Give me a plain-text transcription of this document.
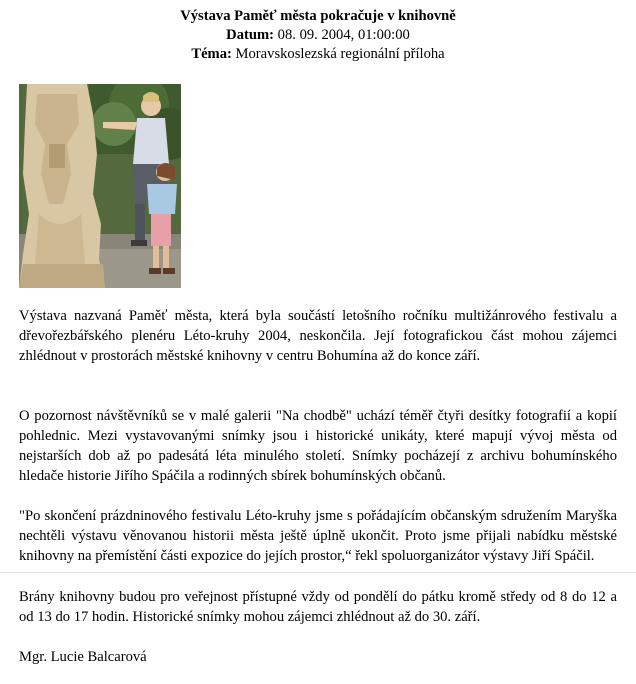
Výstava Paměť města pokračuje v knihovně
Datum: 08. 09. 2004, 01:00:00
Téma: Moravskoslezská regionální příloha

Výstava nazvaná Paměť města, která byla součástí letošního ročníku multižánrového festivalu a dřevořezbářského plenéru Léto-kruhy 2004, neskončila. Její fotografickou část mohou zájemci zhlédnout v prostorách městské knihovny v centru Bohumína až do konce září.

O pozornost návštěvníků se v malé galerii "Na chodbě" uchází téměř čtyři desítky fotografií a kopií pohlednic. Mezi vystavovanými snímky jsou i historické unikáty, které mapují vývoj města od nejstarších dob až po padesátá léta minulého století. Snímky pocházejí z archivu bohumínského hledače historie Jiřího Spáčila a rodinných sbírek bohumínských občanů.

"Po skončení prázdninového festivalu Léto-kruhy jsme s pořádajícím občanským sdružením Maryška nechtěli výstavu věnovanou historii města ještě úplně ukončit. Proto jsme přijali nabídku městské knihovny na přemístění části expozice do jejích prostor,“ řekl spoluorganizátor výstavy Jiří Spáčil.

Brány knihovny budou pro veřejnost přístupné vždy od pondělí do pátku kromě středy od 8 do 12 a od 13 do 17 hodin. Historické snímky mohou zájemci zhlédnout až do 30. září.

Mgr. Lucie Balcarová
